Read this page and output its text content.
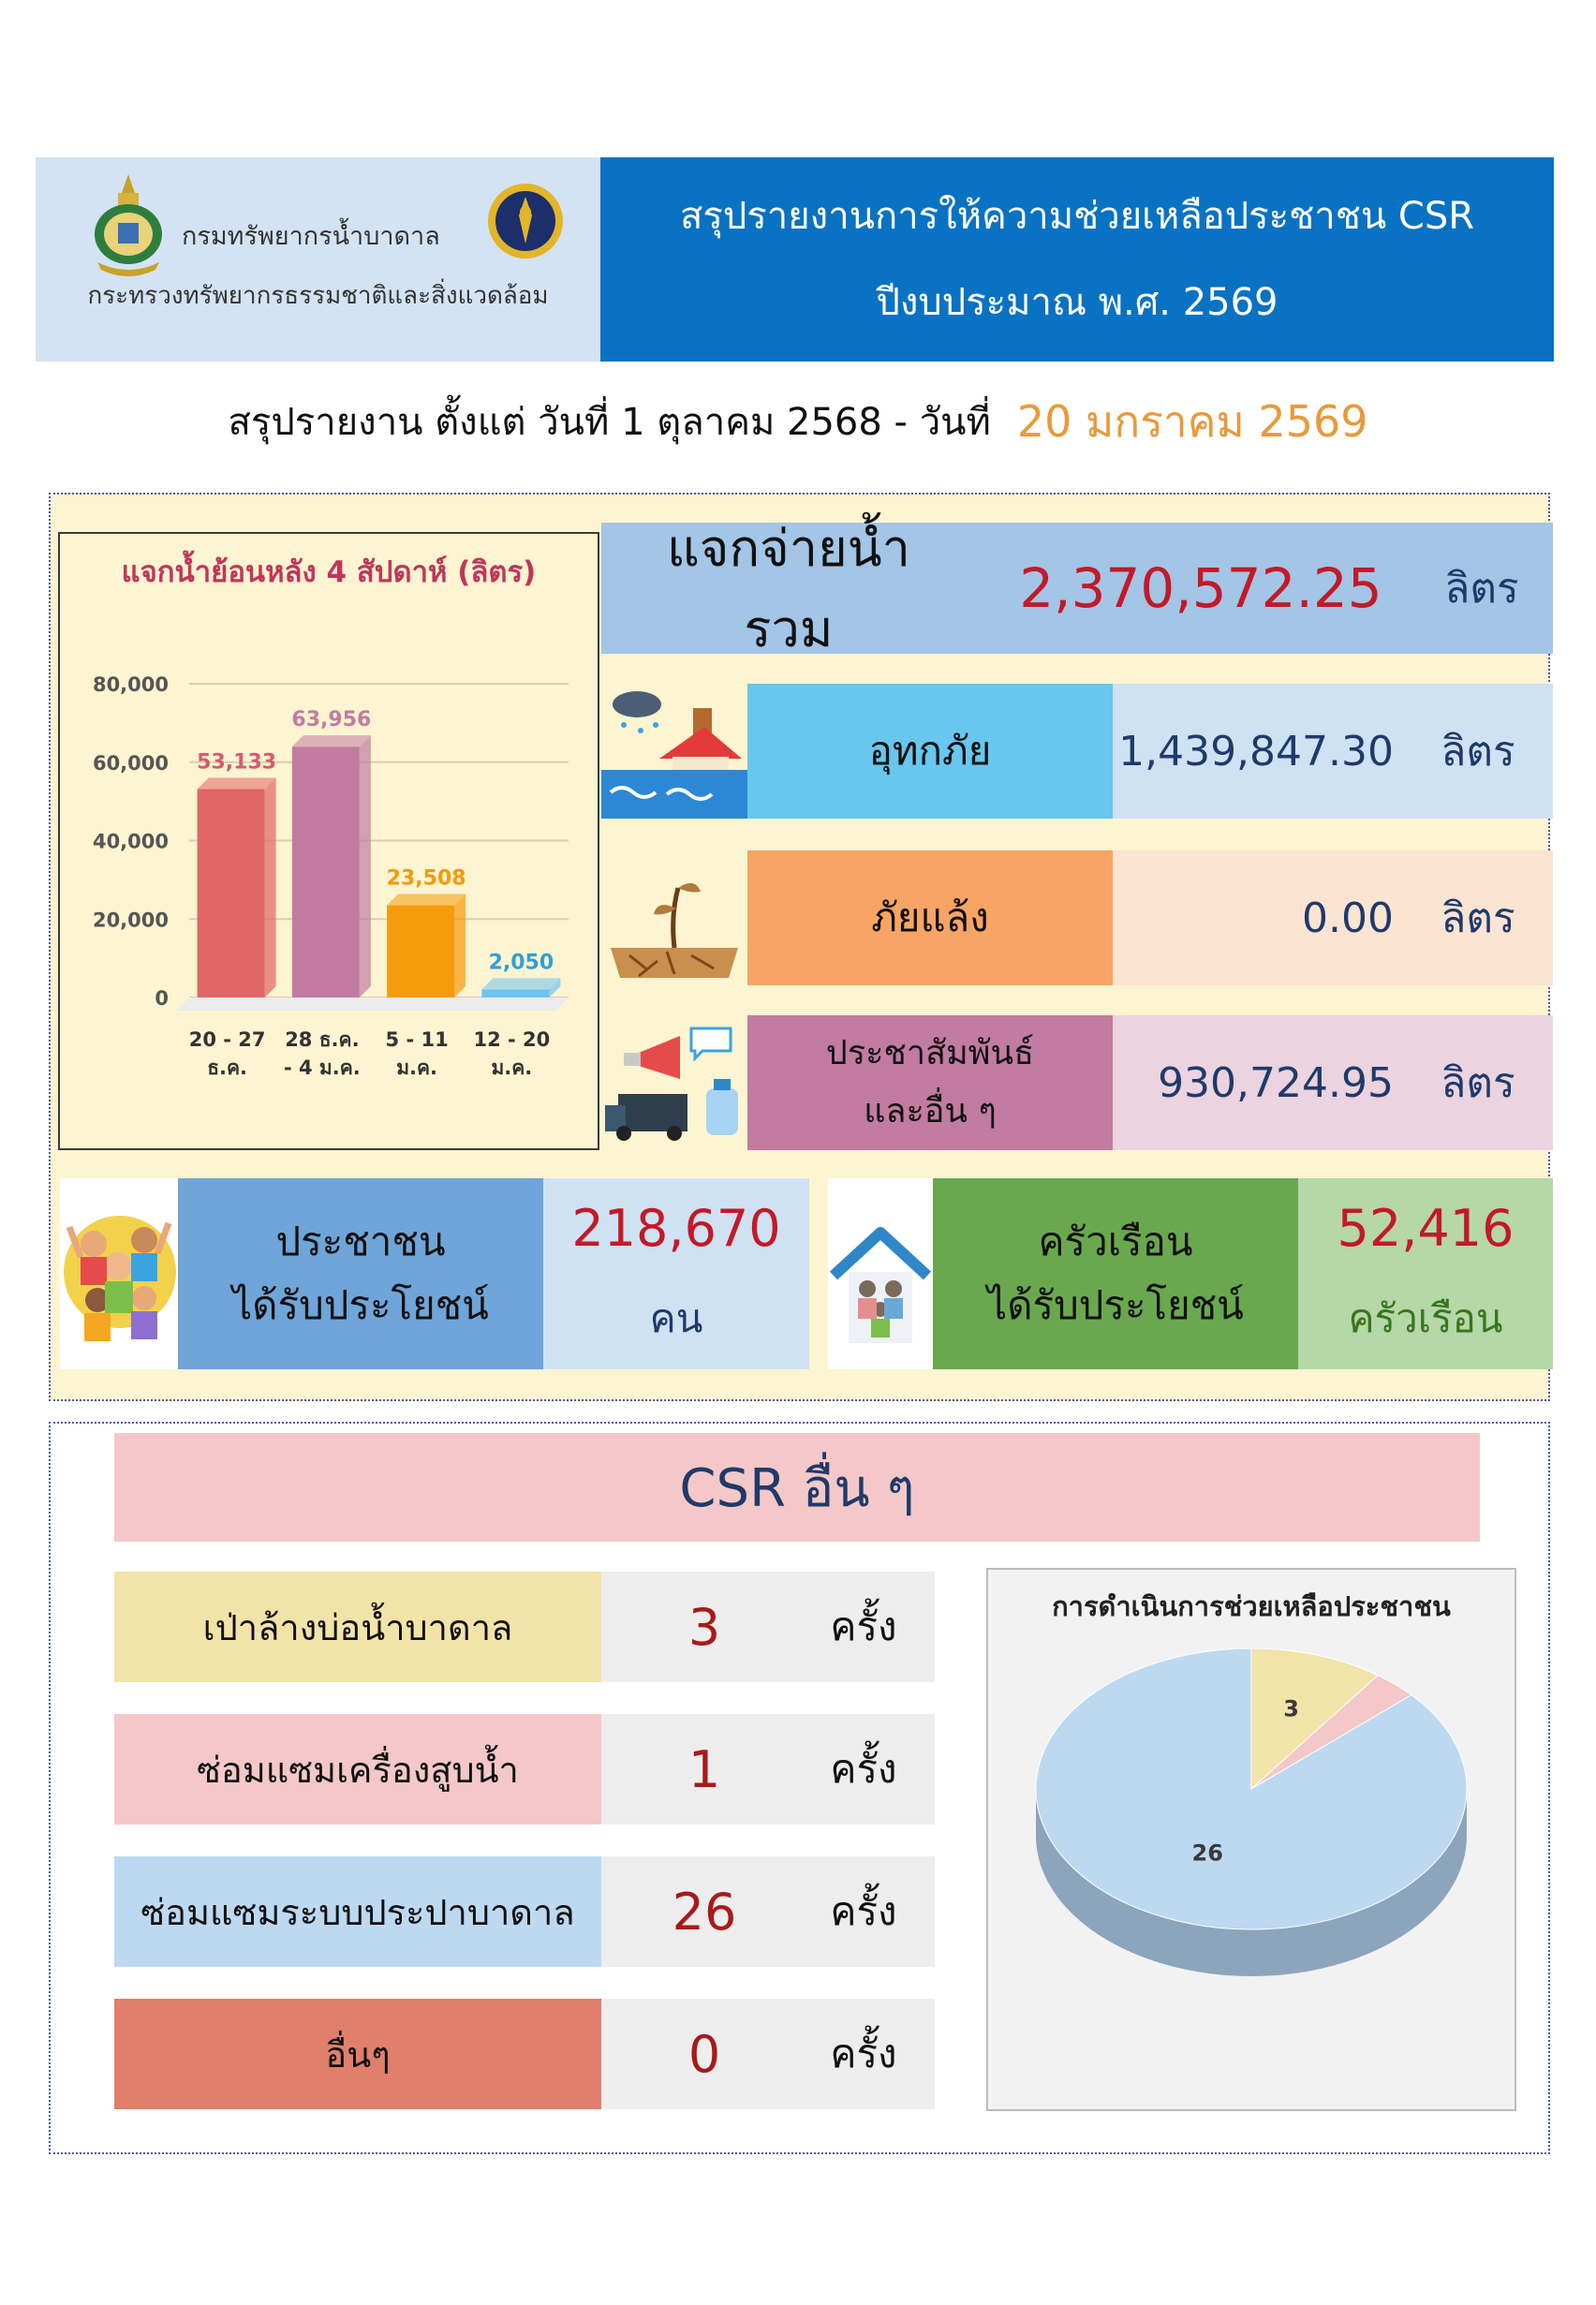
กรมทรัพยากรน้ำบาดาล
กระทรวงทรัพยากรธรรมชาติและสิ่งแวดล้อม
สรุปรายงานการให้ความช่วยเหลือประชาชน CSR
ปีงบประมาณ พ.ศ. 2569
สรุปรายงาน ตั้งแต่ วันที่ 1 ตุลาคม 2568 - วันที่ 20 มกราคม 2569
แจกน้ำย้อนหลัง 4 สัปดาห์ (ลิตร)
0
20,000
40,000
60,000
80,000
53,133
20 - 27
ธ.ค.
63,956
28 ธ.ค.
- 4 ม.ค.
23,508
5 - 11
ม.ค.
2,050
12 - 20
ม.ค.
แจกจ่ายน้ำรวม
2,370,572.25	ลิตร
อุทกภัย	1,439,847.30	ลิตร
ภัยแล้ง	0.00	ลิตร
ประชาสัมพันธ์
และอื่น ๆ
930,724.95	ลิตร
ประชาชน
ได้รับประโยชน์
218,670
คน
ครัวเรือน
ได้รับประโยชน์
52,416
ครัวเรือน
CSR อื่น ๆ
เป่าล้างบ่อน้ำบาดาล	3	ครั้ง
ซ่อมแซมเครื่องสูบน้ำ	1	ครั้ง
ซ่อมแซมระบบประปาบาดาล	26	ครั้ง
อื่นๆ	0	ครั้ง
การดำเนินการช่วยเหลือประชาชน
3
26
